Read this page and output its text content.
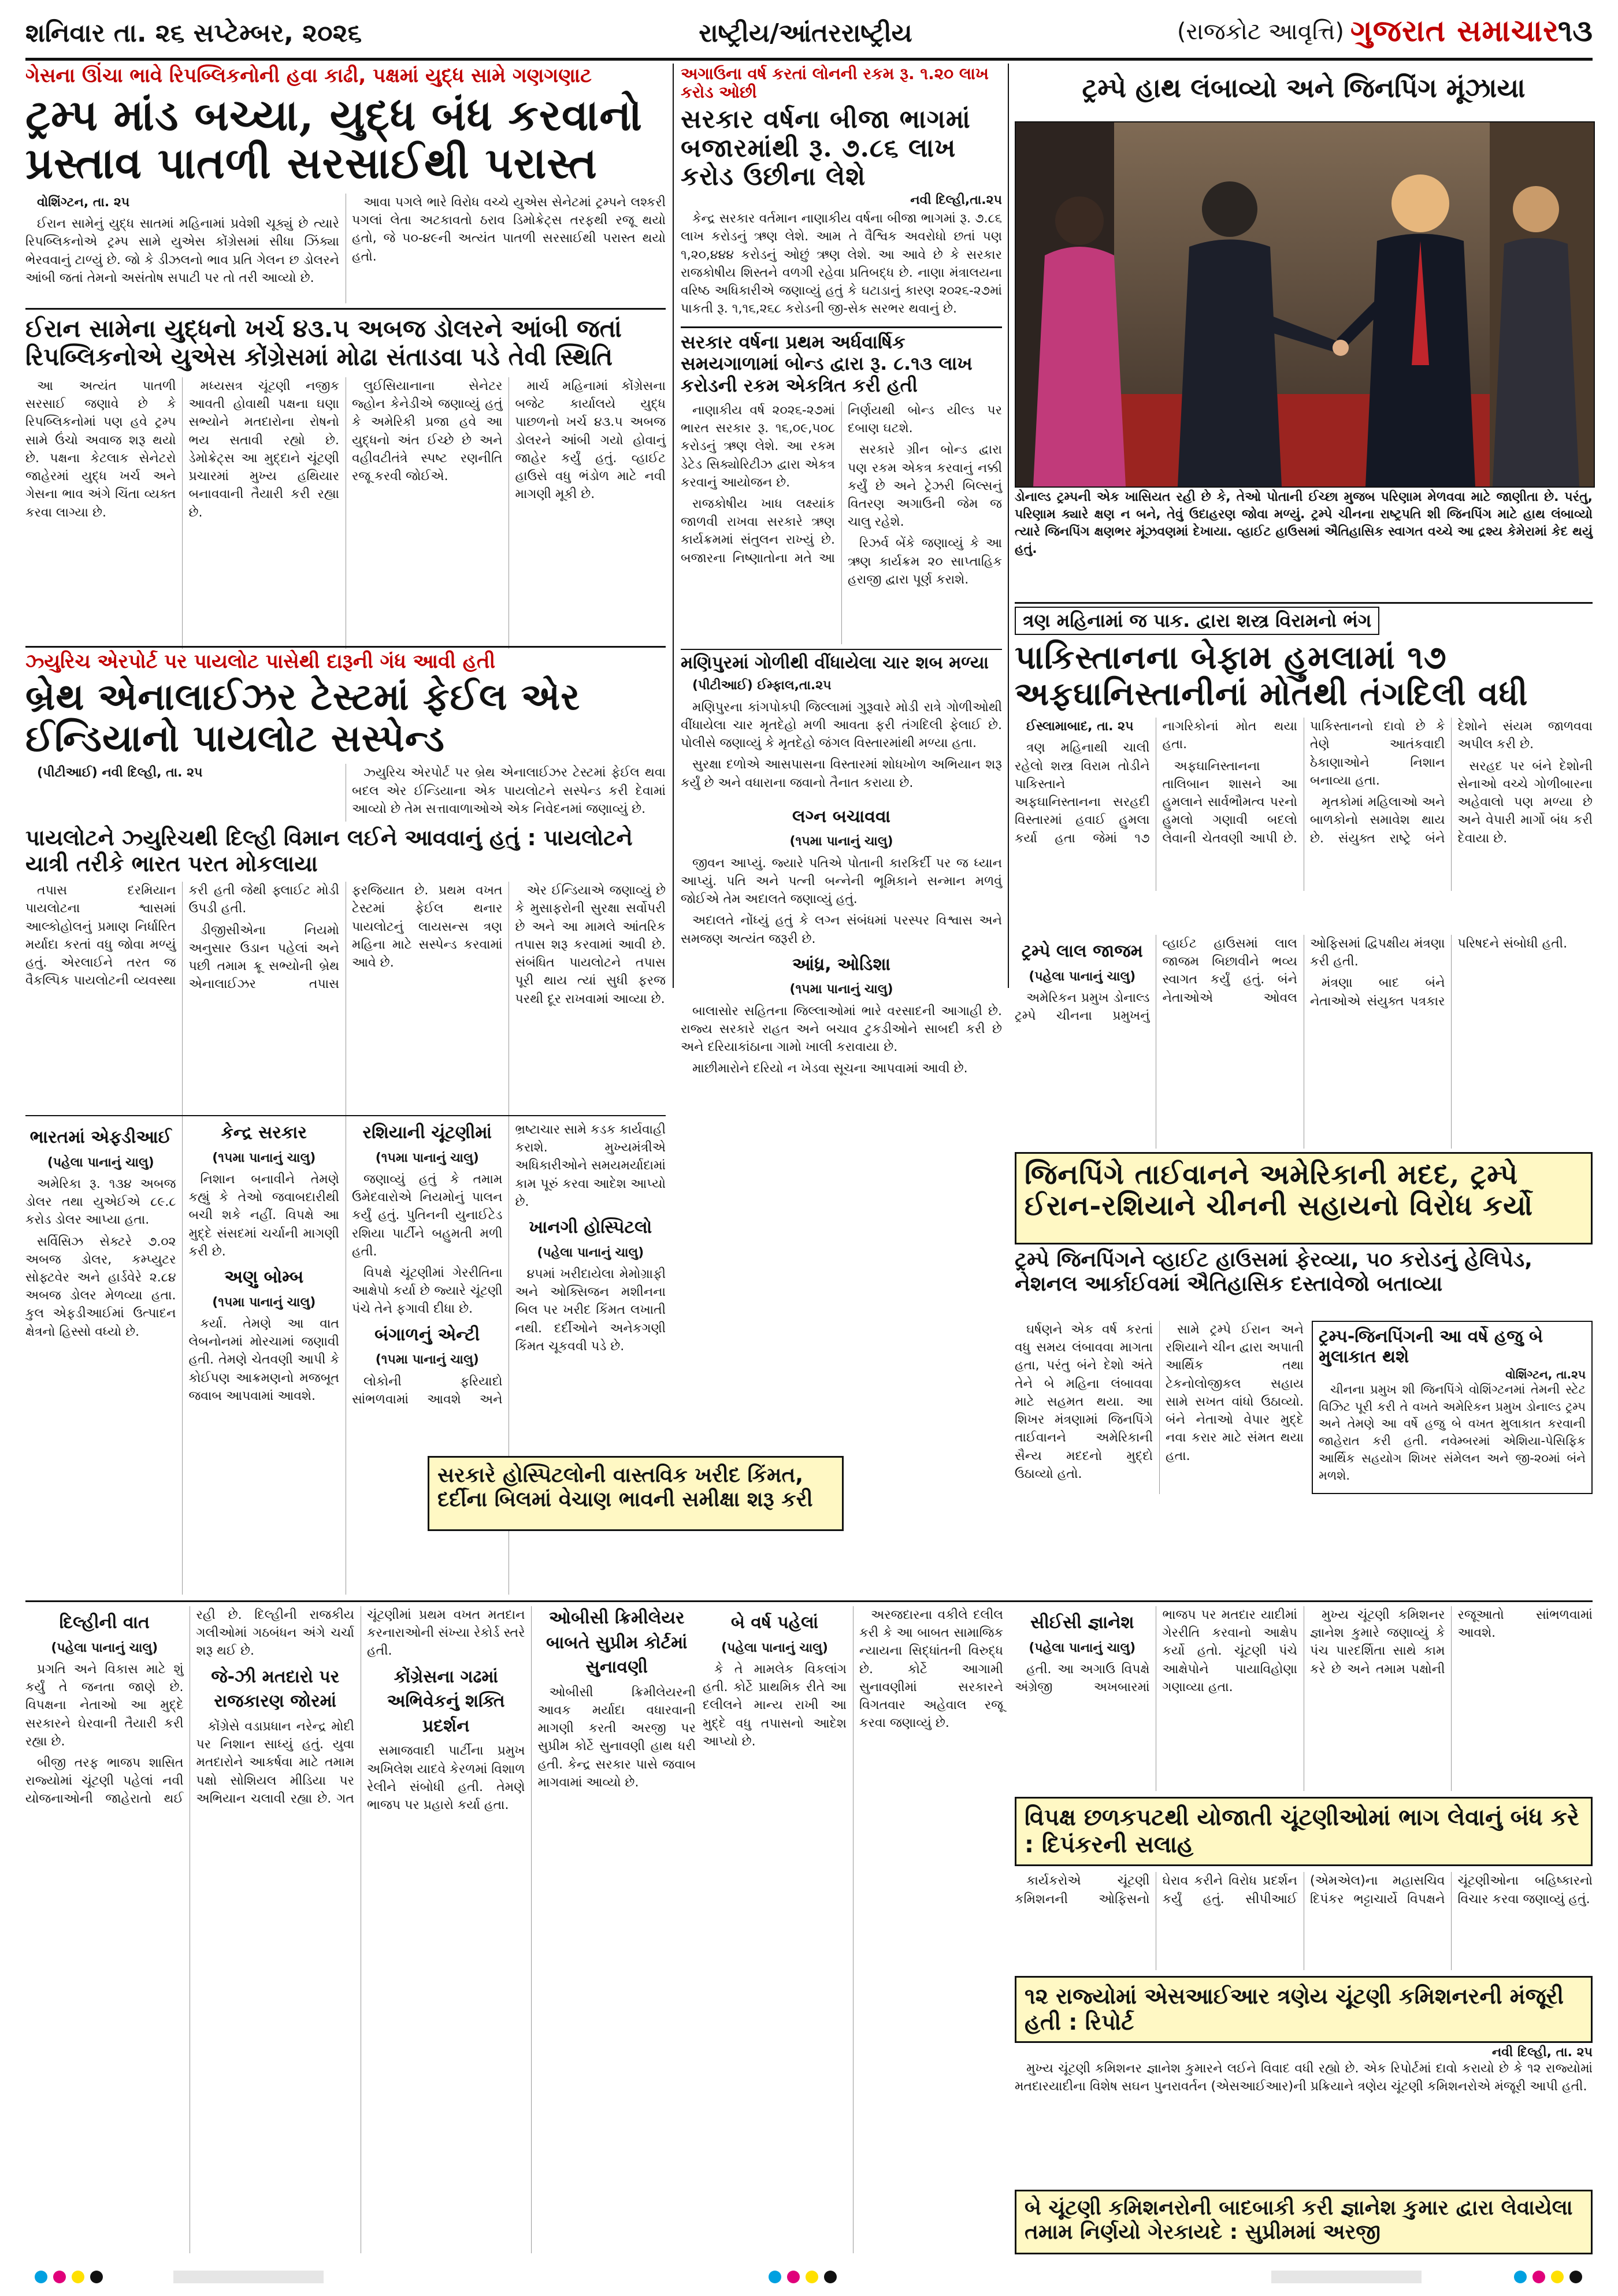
શનિવાર તા. ૨૬ સપ્ટેમ્બર, ૨૦૨૬	રાષ્ટ્રીય/આંતરરાષ્ટ્રીય	(રાજકોટ આવૃત્તિ) ગુજરાત સમાચાર
૧૩
ગેસના ઊંચા ભાવે રિપબ્લિકનોની હવા કાઢી, પક્ષમાં યુદ્ધ સામે ગણગણાટ
ટ્રમ્પ માંડ બચ્યા, યુદ્ધ બંધ કરવાનો પ્રસ્તાવ પાતળી સરસાઈથી પરાસ્ત

વોશિંગ્ટન, તા. ૨૫

ઈરાન સામેનું યુદ્ધ સાતમાં મહિનામાં પ્રવેશી ચૂક્યું છે ત્યારે રિપબ્લિકનોએ ટ્રમ્પ સામે યુએસ કોંગ્રેસમાં સીધા ઝિંક્યા ભેરવવાનું ટાળ્યું છે. જો કે ડીઝલનો ભાવ પ્રતિ ગેલન છ ડોલરને આંબી જતાં તેમનો અસંતોષ સપાટી પર તો તરી આવ્યો છે.

આવા પગલે ભારે વિરોધ વચ્ચે યુએસ સેનેટમાં ટ્રમ્પને લશ્કરી પગલાં લેતા અટકાવતો ઠરાવ ડિમોક્રેટ્સ તરફથી રજૂ થયો હતો, જે ૫૦-૪૯ની અત્યંત પાતળી સરસાઈથી પરાસ્ત થયો હતો.

ઈરાન સામેના યુદ્ધનો ખર્ચ ૪૩.૫ અબજ ડોલરને આંબી જતાં રિપબ્લિકનોએ યુએસ કોંગ્રેસમાં મોઢા સંતાડવા પડે તેવી સ્થિતિ

આ અત્યંત પાતળી સરસાઈ જણાવે છે કે રિપબ્લિકનોમાં પણ હવે ટ્રમ્પ સામે ઉંચો અવાજ શરૂ થયો છે. પક્ષના કેટલાક સેનેટરો જાહેરમાં યુદ્ધ ખર્ચ અને ગેસના ભાવ અંગે ચિંતા વ્યક્ત કરવા લાગ્યા છે.

મધ્યસત્ર ચૂંટણી નજીક આવતી હોવાથી પક્ષના ઘણા સભ્યોને મતદારોના રોષનો ભય સતાવી રહ્યો છે. ડેમોક્રેટ્સ આ મુદ્દાને ચૂંટણી પ્રચારમાં મુખ્ય હથિયાર બનાવવાની તૈયારી કરી રહ્યા છે.

લુઈસિયાનાના સેનેટર જ્હોન કેનેડીએ જણાવ્યું હતું કે અમેરિકી પ્રજા હવે આ યુદ્ધનો અંત ઈચ્છે છે અને વહીવટીતંત્રે સ્પષ્ટ રણનીતિ રજૂ કરવી જોઈએ.

માર્ચ મહિનામાં કોંગ્રેસના બજેટ કાર્યાલયે યુદ્ધ પાછળનો ખર્ચ ૪૩.૫ અબજ ડોલરને આંબી ગયો હોવાનું જાહેર કર્યું હતું. વ્હાઈટ હાઉસે વધુ ભંડોળ માટે નવી માગણી મૂકી છે.

ઝ્યુરિચ એરપોર્ટ પર પાયલોટ પાસેથી દારૂની ગંધ આવી હતી
બ્રેથ એનાલાઈઝર ટેસ્ટમાં ફેઈલ એર ઈન્ડિયાનો પાયલોટ સસ્પેન્ડ

(પીટીઆઈ) નવી દિલ્હી, તા. ૨૫	ઝ્યુરિચ એરપોર્ટ પર બ્રેથ એનાલાઈઝર ટેસ્ટમાં ફેઈલ થવા બદલ એર ઈન્ડિયાના એક પાયલોટને સસ્પેન્ડ કરી દેવામાં આવ્યો છે તેમ સત્તાવાળાઓએ એક નિવેદનમાં જણાવ્યું છે.

પાયલોટને ઝ્યુરિચથી દિલ્હી વિમાન લઈને આવવાનું હતું : પાયલોટને યાત્રી તરીકે ભારત પરત મોકલાયા

તપાસ દરમિયાન પાયલોટના શ્વાસમાં આલ્કોહોલનું પ્રમાણ નિર્ધારિત મર્યાદા કરતાં વધુ જોવા મળ્યું હતું. એરલાઈને તરત જ વૈકલ્પિક પાયલોટની વ્યવસ્થા કરી હતી જેથી ફ્લાઈટ મોડી ઉપડી હતી.

ડીજીસીએના નિયમો અનુસાર ઉડાન પહેલાં અને પછી તમામ ક્રૂ સભ્યોની બ્રેથ એનાલાઈઝર તપાસ ફરજિયાત છે. પ્રથમ વખત ટેસ્ટમાં ફેઈલ થનાર પાયલોટનું લાયસન્સ ત્રણ મહિના માટે સસ્પેન્ડ કરવામાં આવે છે.

એર ઈન્ડિયાએ જણાવ્યું છે કે મુસાફરોની સુરક્ષા સર્વોપરી છે અને આ મામલે આંતરિક તપાસ શરૂ કરવામાં આવી છે. સંબંધિત પાયલોટને તપાસ પૂરી થાય ત્યાં સુધી ફરજ પરથી દૂર રાખવામાં આવ્યા છે.

ભારતમાં એફડીઆઈ
(પહેલા પાનાનું ચાલુ)

અમેરિકા રૂ. ૧૩૪ અબજ ડોલર તથા યુએઈએ ૮૯.૮ કરોડ ડોલર આપ્યા હતા.

સર્વિસિઝ સેક્ટરે ૭.૦૨ અબજ ડોલર, કમ્પ્યુટર સોફ્ટવેર અને હાર્ડવેરે ૨.૮૪ અબજ ડોલર મેળવ્યા હતા. કુલ એફડીઆઈમાં ઉત્પાદન ક્ષેત્રનો હિસ્સો વધ્યો છે.

કેન્દ્ર સરકાર
(૧૫મા પાનાનું ચાલુ)

નિશાન બનાવીને તેમણે કહ્યું કે તેઓ જવાબદારીથી બચી શકે નહીં. વિપક્ષે આ મુદ્દે સંસદમાં ચર્ચાની માગણી કરી છે.

અણુ બોમ્બ
(૧૫મા પાનાનું ચાલુ)

કર્યા. તેમણે આ વાત લેબનોનમાં મોરચામાં જણાવી હતી. તેમણે ચેતવણી આપી કે કોઈપણ આક્રમણનો મજબૂત જવાબ આપવામાં આવશે.

રશિયાની ચૂંટણીમાં
(૧૫મા પાનાનું ચાલુ)

જણાવ્યું હતું કે તમામ ઉમેદવારોએ નિયમોનું પાલન કર્યું હતું. પુતિનની યુનાઈટેડ રશિયા પાર્ટીને બહુમતી મળી હતી.

વિપક્ષે ચૂંટણીમાં ગેરરીતિના આક્ષેપો કર્યા છે જ્યારે ચૂંટણી પંચે તેને ફગાવી દીધા છે.

બંગાળનું એન્ટી
(૧૫મા પાનાનું ચાલુ)

લોકોની ફરિયાદો સાંભળવામાં આવશે અને ભ્રષ્ટાચાર સામે કડક કાર્યવાહી કરાશે. મુખ્યમંત્રીએ અધિકારીઓને સમયમર્યાદામાં કામ પૂરું કરવા આદેશ આપ્યો છે.

ખાનગી હોસ્પિટલો
(પહેલા પાનાનું ચાલુ)

૪૫માં ખરીદાયેલા મેમોગ્રાફી અને ઓક્સિજન મશીનના બિલ પર ખરીદ કિંમત લખાતી નથી. દર્દીઓને અનેકગણી કિંમત ચૂકવવી પડે છે.

સરકારે હોસ્પિટલોની વાસ્તવિક ખરીદ કિંમત, દર્દીના બિલમાં વેચાણ ભાવની સમીક્ષા શરૂ કરી
અગાઉના વર્ષ કરતાં લોનની રકમ રૂ. ૧.૨૦ લાખ કરોડ ઓછી
સરકાર વર્ષના બીજા ભાગમાં બજારમાંથી રૂ. ૭.૮૬ લાખ કરોડ ઉછીના લેશે
નવી દિલ્હી,તા.૨૫

કેન્દ્ર સરકાર વર્તમાન નાણાકીય વર્ષના બીજા ભાગમાં રૂ. ૭.૮૬ લાખ કરોડનું ઋણ લેશે. આમ તે વૈશ્વિક અવરોધો છતાં પણ ૧,૨૦,૪૪૪ કરોડનું ઓછું ઋણ લેશે. આ આવે છે કે સરકાર રાજકોષીય શિસ્તને વળગી રહેવા પ્રતિબદ્ધ છે. નાણા મંત્રાલયના વરિષ્ઠ અધિકારીએ જણાવ્યું હતું કે ઘટાડાનું કારણ ૨૦૨૬-૨૭માં પાકતી રૂ. ૧,૧૬,૨૬૮ કરોડની જી-સેક સરભર થવાનું છે.

સરકાર વર્ષના પ્રથમ અર્ધવાર્ષિક સમયગાળામાં બોન્ડ દ્વારા રૂ. ૮.૧૩ લાખ કરોડની રકમ એકત્રિત કરી હતી

નાણાકીય વર્ષ ૨૦૨૬-૨૭માં ભારત સરકાર રૂ. ૧૬,૦૯,૫૦૮ કરોડનું ઋણ લેશે. આ રકમ ડેટેડ સિક્યોરિટીઝ દ્વારા એકત્ર કરવાનું આયોજન છે.

રાજકોષીય ખાધ લક્ષ્યાંક જાળવી રાખવા સરકારે ઋણ કાર્યક્રમમાં સંતુલન રાખ્યું છે. બજારના નિષ્ણાતોના મતે આ નિર્ણયથી બોન્ડ યીલ્ડ પર દબાણ ઘટશે.

સરકારે ગ્રીન બોન્ડ દ્વારા પણ રકમ એકત્ર કરવાનું નક્કી કર્યું છે અને ટ્રેઝરી બિલ્સનું વિતરણ અગાઉની જેમ જ ચાલુ રહેશે.

રિઝર્વ બેંકે જણાવ્યું કે આ ઋણ કાર્યક્રમ ૨૦ સાપ્તાહિક હરાજી દ્વારા પૂર્ણ કરાશે.

મણિપુરમાં ગોળીથી વીંધાયેલા ચાર શબ મળ્યા

(પીટીઆઈ) ઈમ્ફાલ,તા.૨૫

મણિપુરના કાંગપોક્પી જિલ્લામાં ગુરૂવારે મોડી રાત્રે ગોળીઓથી વીંધાયેલા ચાર મૃતદેહો મળી આવતા ફરી તંગદિલી ફેલાઈ છે. પોલીસે જણાવ્યું કે મૃતદેહો જંગલ વિસ્તારમાંથી મળ્યા હતા.

સુરક્ષા દળોએ આસપાસના વિસ્તારમાં શોધખોળ અભિયાન શરૂ કર્યું છે અને વધારાના જવાનો તૈનાત કરાયા છે.

લગ્ન બચાવવા
(૧૫મા પાનાનું ચાલુ)

જીવન આપ્યું. જ્યારે પતિએ પોતાની કારકિર્દી પર જ ધ્યાન આપ્યું. પતિ અને પત્ની બન્નેની ભૂમિકાને સન્માન મળવું જોઈએ તેમ અદાલતે જણાવ્યું હતું.

અદાલતે નોંધ્યું હતું કે લગ્ન સંબંધમાં પરસ્પર વિશ્વાસ અને સમજણ અત્યંત જરૂરી છે.

આંધ્ર, ઓડિશા
(૧૫મા પાનાનું ચાલુ)

બાલાસોર સહિતના જિલ્લાઓમાં ભારે વરસાદની આગાહી છે. રાજ્ય સરકારે રાહત અને બચાવ ટુકડીઓને સાબદી કરી છે અને દરિયાકાંઠાના ગામો ખાલી કરાવાયા છે.

માછીમારોને દરિયો ન ખેડવા સૂચના આપવામાં આવી છે.

ટ્રમ્પે હાથ લંબાવ્યો અને જિનપિંગ મૂંઝાયા
ડોનાલ્ડ ટ્રમ્પની એક ખાસિયત રહી છે કે, તેઓ પોતાની ઈચ્છા મુજબ પરિણામ મેળવવા માટે જાણીતા છે. પરંતુ, પરિણામ ક્યારે ક્ષણ ન બને, તેવું ઉદાહરણ જોવા મળ્યું. ટ્રમ્પે ચીનના રાષ્ટ્રપતિ શી જિનપિંગ માટે હાથ લંબાવ્યો ત્યારે જિનપિંગ ક્ષણભર મૂંઝવણમાં દેખાયા. વ્હાઈટ હાઉસમાં ઐતિહાસિક સ્વાગત વચ્ચે આ દ્રશ્ય કેમેરામાં કેદ થયું હતું.
ત્રણ મહિનામાં જ પાક. દ્વારા શસ્ત્ર વિરામનો ભંગ
પાકિસ્તાનના બેફામ હુમલામાં ૧૭ અફઘાનિસ્તાનીનાં મોતથી તંગદિલી વધી

ઈસ્લામાબાદ, તા. ૨૫

ત્રણ મહિનાથી ચાલી રહેલો શસ્ત્ર વિરામ તોડીને પાકિસ્તાને અફઘાનિસ્તાનના સરહદી વિસ્તારમાં હવાઈ હુમલા કર્યા હતા જેમાં ૧૭ નાગરિકોનાં મોત થયા હતા.

અફઘાનિસ્તાનના તાલિબાન શાસને આ હુમલાને સાર્વભૌમત્વ પરનો હુમલો ગણાવી બદલો લેવાની ચેતવણી આપી છે. પાકિસ્તાનનો દાવો છે કે તેણે આતંકવાદી ઠેકાણાઓને નિશાન બનાવ્યા હતા.

મૃતકોમાં મહિલાઓ અને બાળકોનો સમાવેશ થાય છે. સંયુક્ત રાષ્ટ્રે બંને દેશોને સંયમ જાળવવા અપીલ કરી છે.

સરહદ પર બંને દેશોની સેનાઓ વચ્ચે ગોળીબારના અહેવાલો પણ મળ્યા છે અને વેપારી માર્ગો બંધ કરી દેવાયા છે.

ટ્રમ્પે લાલ જાજમ
(પહેલા પાનાનું ચાલુ)

અમેરિકન પ્રમુખ ડોનાલ્ડ ટ્રમ્પે ચીનના પ્રમુખનું વ્હાઈટ હાઉસમાં લાલ જાજમ બિછાવીને ભવ્ય સ્વાગત કર્યું હતું. બંને નેતાઓએ ઓવલ ઓફિસમાં દ્વિપક્ષીય મંત્રણા કરી હતી.

મંત્રણા બાદ બંને નેતાઓએ સંયુક્ત પત્રકાર પરિષદને સંબોધી હતી.

જિનપિંગે તાઈવાનને અમેરિકાની મદદ, ટ્રમ્પે ઈરાન-રશિયાને ચીનની સહાયનો વિરોધ કર્યો
ટ્રમ્પે જિનપિંગને વ્હાઈટ હાઉસમાં ફેરવ્યા, ૫૦ કરોડનું હેલિપેડ, નેશનલ આર્કાઈવમાં ઐતિહાસિક દસ્તાવેજો બતાવ્યા

ઘર્ષણને એક વર્ષ કરતાં વધુ સમય લંબાવવા માગતા હતા, પરંતુ બંને દેશો અંતે તેને બે મહિના લંબાવવા માટે સહમત થયા. આ શિખર મંત્રણામાં જિનપિંગે તાઈવાનને અમેરિકાની સૈન્ય મદદનો મુદ્દો ઉઠાવ્યો હતો.

સામે ટ્રમ્પે ઈરાન અને રશિયાને ચીન દ્વારા અપાતી આર્થિક તથા ટેકનોલોજીકલ સહાય સામે સખત વાંધો ઉઠાવ્યો. બંને નેતાઓ વેપાર મુદ્દે નવા કરાર માટે સંમત થયા હતા.

ટ્રમ્પ-જિનપિંગની આ વર્ષે હજુ બે મુલાકાત થશે
વોશિંગ્ટન, તા.૨૫

ચીનના પ્રમુખ શી જિનપિંગે વોશિંગ્ટનમાં તેમની સ્ટેટ વિઝિટ પૂરી કરી તે વખતે અમેરિકન પ્રમુખ ડોનાલ્ડ ટ્રમ્પ અને તેમણે આ વર્ષે હજુ બે વખત મુલાકાત કરવાની જાહેરાત કરી હતી. નવેમ્બરમાં એશિયા-પેસિફિક આર્થિક સહયોગ શિખર સંમેલન અને જી-૨૦માં બંને મળશે.

દિલ્હીની વાત
(પહેલા પાનાનું ચાલુ)

પ્રગતિ અને વિકાસ માટે શું કર્યું તે જનતા જાણે છે. વિપક્ષના નેતાઓ આ મુદ્દે સરકારને ઘેરવાની તૈયારી કરી રહ્યા છે.

બીજી તરફ ભાજપ શાસિત રાજ્યોમાં ચૂંટણી પહેલાં નવી યોજનાઓની જાહેરાતો થઈ રહી છે. દિલ્હીની રાજકીય ગલીઓમાં ગઠબંધન અંગે ચર્ચા શરૂ થઈ છે.

જે-ઝી મતદારો પર રાજકારણ જોરમાં

કોંગ્રેસે વડાપ્રધાન નરેન્દ્ર મોદી પર નિશાન સાધ્યું હતું. યુવા મતદારોને આકર્ષવા માટે તમામ પક્ષો સોશિયલ મીડિયા પર અભિયાન ચલાવી રહ્યા છે. ગત ચૂંટણીમાં પ્રથમ વખત મતદાન કરનારાઓની સંખ્યા રેકોર્ડ સ્તરે હતી.

કોંગ્રેસના ગઢમાં અભિવેકનું શક્તિ પ્રદર્શન

સમાજવાદી પાર્ટીના પ્રમુખ અખિલેશ યાદવે કેરળમાં વિશાળ રેલીને સંબોધી હતી. તેમણે ભાજપ પર પ્રહારો કર્યા હતા.

ઓબીસી ક્રિમીલેયર બાબતે સુપ્રીમ કોર્ટમાં સુનાવણી

ઓબીસી ક્રિમીલેયરની આવક મર્યાદા વધારવાની માગણી કરતી અરજી પર સુપ્રીમ કોર્ટે સુનાવણી હાથ ધરી હતી. કેન્દ્ર સરકાર પાસે જવાબ માગવામાં આવ્યો છે.

બે વર્ષ પહેલાં
(પહેલા પાનાનું ચાલુ)

કે તે મામલેક વિકલાંગ હતી. કોર્ટે પ્રાથમિક રીતે આ દલીલને માન્ય રાખી આ મુદ્દે વધુ તપાસનો આદેશ આપ્યો છે.

અરજદારના વકીલે દલીલ કરી કે આ બાબત સામાજિક ન્યાયના સિદ્ધાંતની વિરુદ્ધ છે. કોર્ટે આગામી સુનાવણીમાં સરકારને વિગતવાર અહેવાલ રજૂ કરવા જણાવ્યું છે.

સીઈસી જ્ઞાનેશ
(પહેલા પાનાનું ચાલુ)

હતી. આ અગાઉ વિપક્ષે અંગ્રેજી અખબારમાં ભાજપ પર મતદાર યાદીમાં ગેરરીતિ કરવાનો આક્ષેપ કર્યો હતો. ચૂંટણી પંચે આક્ષેપોને પાયાવિહોણા ગણાવ્યા હતા.

મુખ્ય ચૂંટણી કમિશનર જ્ઞાનેશ કુમારે જણાવ્યું કે પંચ પારદર્શિતા સાથે કામ કરે છે અને તમામ પક્ષોની રજૂઆતો સાંભળવામાં આવશે.

વિપક્ષ છળકપટથી યોજાતી ચૂંટણીઓમાં ભાગ લેવાનું બંધ કરે : દિપંકરની સલાહ

કાર્યકરોએ ચૂંટણી કમિશનની ઓફિસનો ઘેરાવ કરીને વિરોધ પ્રદર્શન કર્યું હતું. સીપીઆઈ (એમએલ)ના મહાસચિવ દિપંકર ભટ્ટાચાર્યે વિપક્ષને ચૂંટણીઓના બહિષ્કારનો વિચાર કરવા જણાવ્યું હતું.

૧૨ રાજ્યોમાં એસઆઈઆર ત્રણેય ચૂંટણી કમિશનરની મંજૂરી હતી : રિપોર્ટ
નવી દિલ્હી, તા. ૨૫

મુખ્ય ચૂંટણી કમિશનર જ્ઞાનેશ કુમારને લઈને વિવાદ વધી રહ્યો છે. એક રિપોર્ટમાં દાવો કરાયો છે કે ૧૨ રાજ્યોમાં મતદારયાદીના વિશેષ સઘન પુનરાવર્તન (એસઆઈઆર)ની પ્રક્રિયાને ત્રણેય ચૂંટણી કમિશનરોએ મંજૂરી આપી હતી.

બે ચૂંટણી કમિશનરોની બાદબાકી કરી જ્ઞાનેશ કુમાર દ્વારા લેવાયેલા તમામ નિર્ણયો ગેરકાયદે : સુપ્રીમમાં અરજી
